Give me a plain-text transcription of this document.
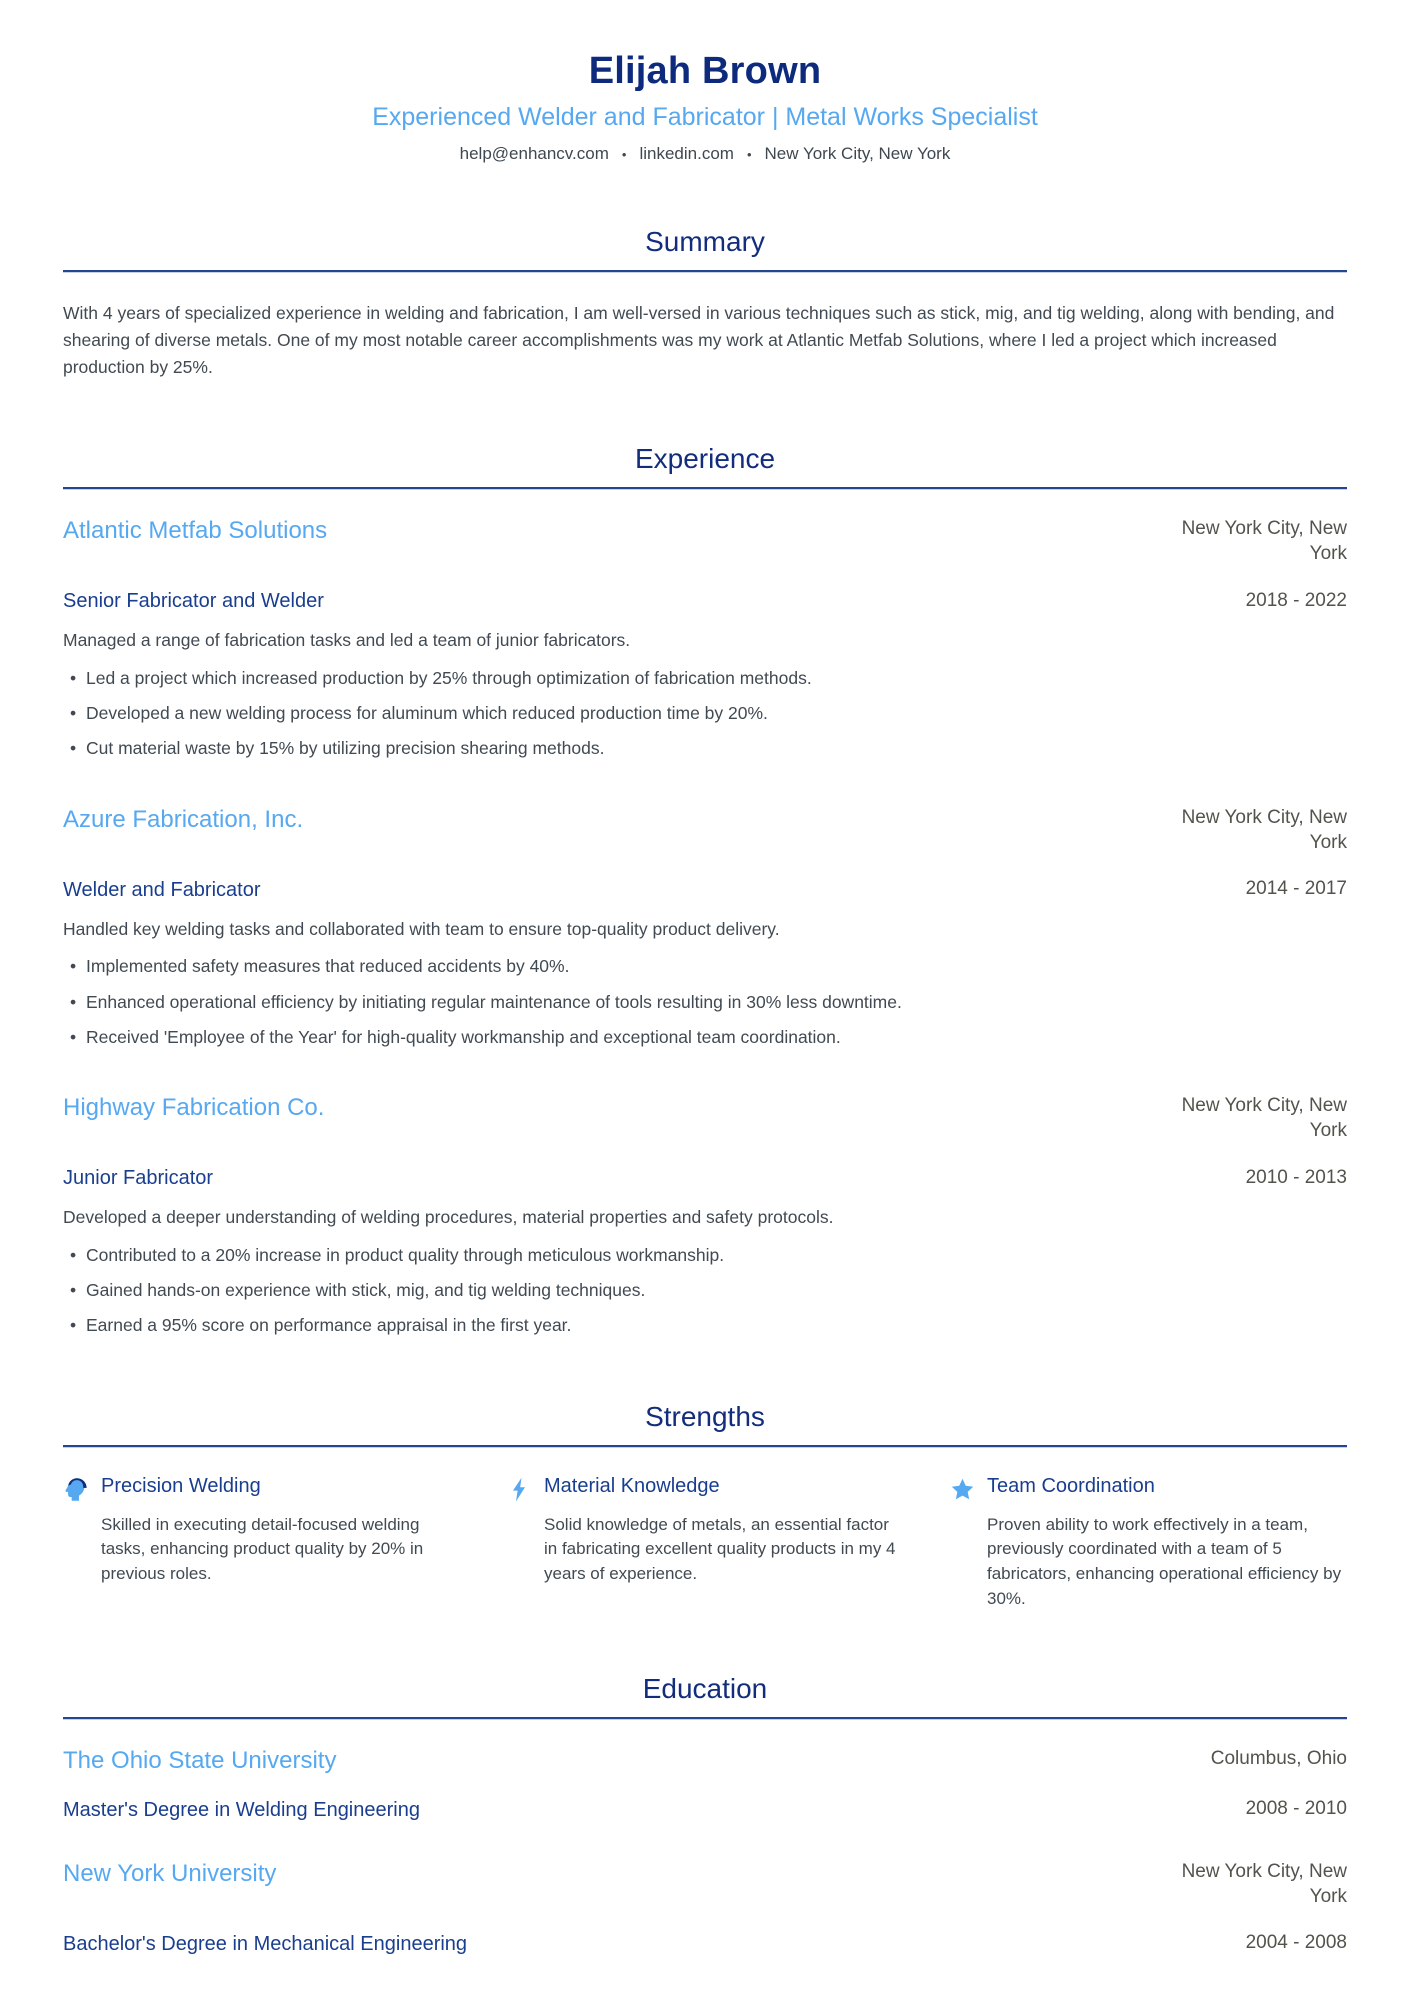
Elijah Brown
Experienced Welder and Fabricator | Metal Works Specialist
help@enhancv.com • linkedin.com • New York City, New York
Summary

With 4 years of specialized experience in welding and fabrication, I am well-versed in various techniques such as stick, mig, and tig welding, along with bending, and shearing of diverse metals. One of my most notable career accomplishments was my work at Atlantic Metfab Solutions, where I led a project which increased production by 25%.

Experience
Atlantic Metfab Solutions	New York City, New York
Senior Fabricator and Welder	2018 - 2022

Managed a range of fabrication tasks and led a team of junior fabricators.

• Led a project which increased production by 25% through optimization of fabrication methods.
• Developed a new welding process for aluminum which reduced production time by 20%.
• Cut material waste by 15% by utilizing precision shearing methods.
Azure Fabrication, Inc.	New York City, New York
Welder and Fabricator	2014 - 2017

Handled key welding tasks and collaborated with team to ensure top-quality product delivery.

• Implemented safety measures that reduced accidents by 40%.
• Enhanced operational efficiency by initiating regular maintenance of tools resulting in 30% less downtime.
• Received 'Employee of the Year' for high-quality workmanship and exceptional team coordination.
Highway Fabrication Co.	New York City, New York
Junior Fabricator	2010 - 2013

Developed a deeper understanding of welding procedures, material properties and safety protocols.

• Contributed to a 20% increase in product quality through meticulous workmanship.
• Gained hands-on experience with stick, mig, and tig welding techniques.
• Earned a 95% score on performance appraisal in the first year.
Strengths
Precision Welding
Skilled in executing detail-focused welding tasks, enhancing product quality by 20% in previous roles.
Material Knowledge
Solid knowledge of metals, an essential factor in fabricating excellent quality products in my 4 years of experience.
Team Coordination
Proven ability to work effectively in a team, previously coordinated with a team of 5 fabricators, enhancing operational efficiency by 30%.
Education
The Ohio State University	Columbus, Ohio
Master's Degree in Welding Engineering	2008 - 2010
New York University	New York City, New York
Bachelor's Degree in Mechanical Engineering	2004 - 2008
